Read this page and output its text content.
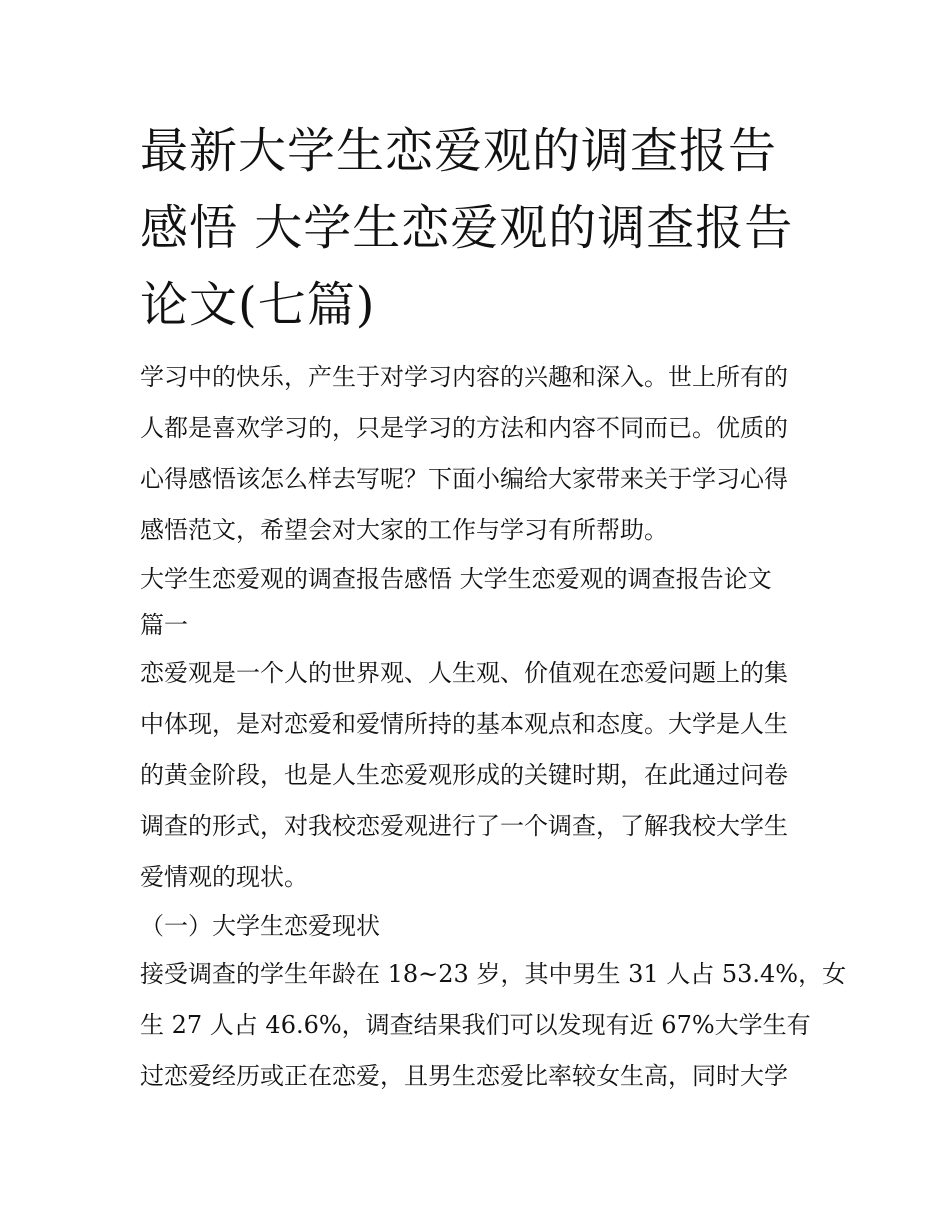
最新大学生恋爱观的调查报告
感悟 大学生恋爱观的调查报告
论文(七篇)
学习中的快乐，产生于对学习内容的兴趣和深入。世上所有的
人都是喜欢学习的，只是学习的方法和内容不同而已。优质的
心得感悟该怎么样去写呢？下面小编给大家带来关于学习心得
感悟范文，希望会对大家的工作与学习有所帮助。
大学生恋爱观的调查报告感悟 大学生恋爱观的调查报告论文
篇一
恋爱观是一个人的世界观、人生观、价值观在恋爱问题上的集
中体现，是对恋爱和爱情所持的基本观点和态度。大学是人生
的黄金阶段，也是人生恋爱观形成的关键时期，在此通过问卷
调查的形式，对我校恋爱观进行了一个调查，了解我校大学生
爱情观的现状。
（一）大学生恋爱现状
接受调查的学生年龄在 18~23 岁，其中男生 31 人占 53.4%，女
生 27 人占 46.6%，调查结果我们可以发现有近 67%大学生有
过恋爱经历或正在恋爱，且男生恋爱比率较女生高，同时大学
